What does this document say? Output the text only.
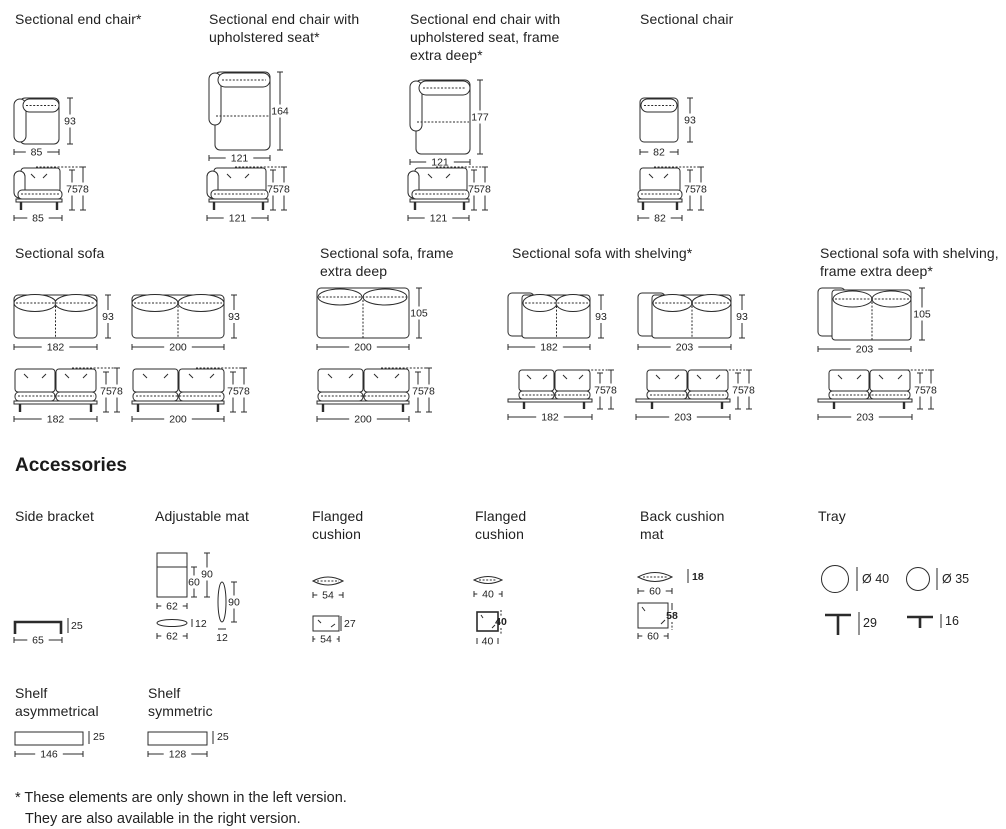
Sectional end chair*	Sectional end chair with upholstered seat*
Sectional end chair with upholstered seat, frame extra deep*
Sectional chair
93
85
75 78
85
164
121
75 78
121
177
121
75 78
121
93
82
75 78
82
Sectional sofa	Sectional sofa, frame extra deep
Sectional sofa with shelving*	Sectional sofa with shelving, frame extra deep*
93
182
93
200
75 78
182
75 78
200
105
200
75 78
200
93
182
93
203
75 78
182
75 78
203
105
203
75 78
203
Accessories
Side bracket
25
65
Adjustable mat
60
90
62
12
62
90
12
Flanged cushion
54
27
54
Flanged cushion
40
40
40
Back cushion mat
18
60
58
60
Tray
Ø 40	Ø 35
29	16
Shelf asymmetrical
25
146
Shelf symmetric
25
128
* These elements are only shown in the left version.
They are also available in the right version.
